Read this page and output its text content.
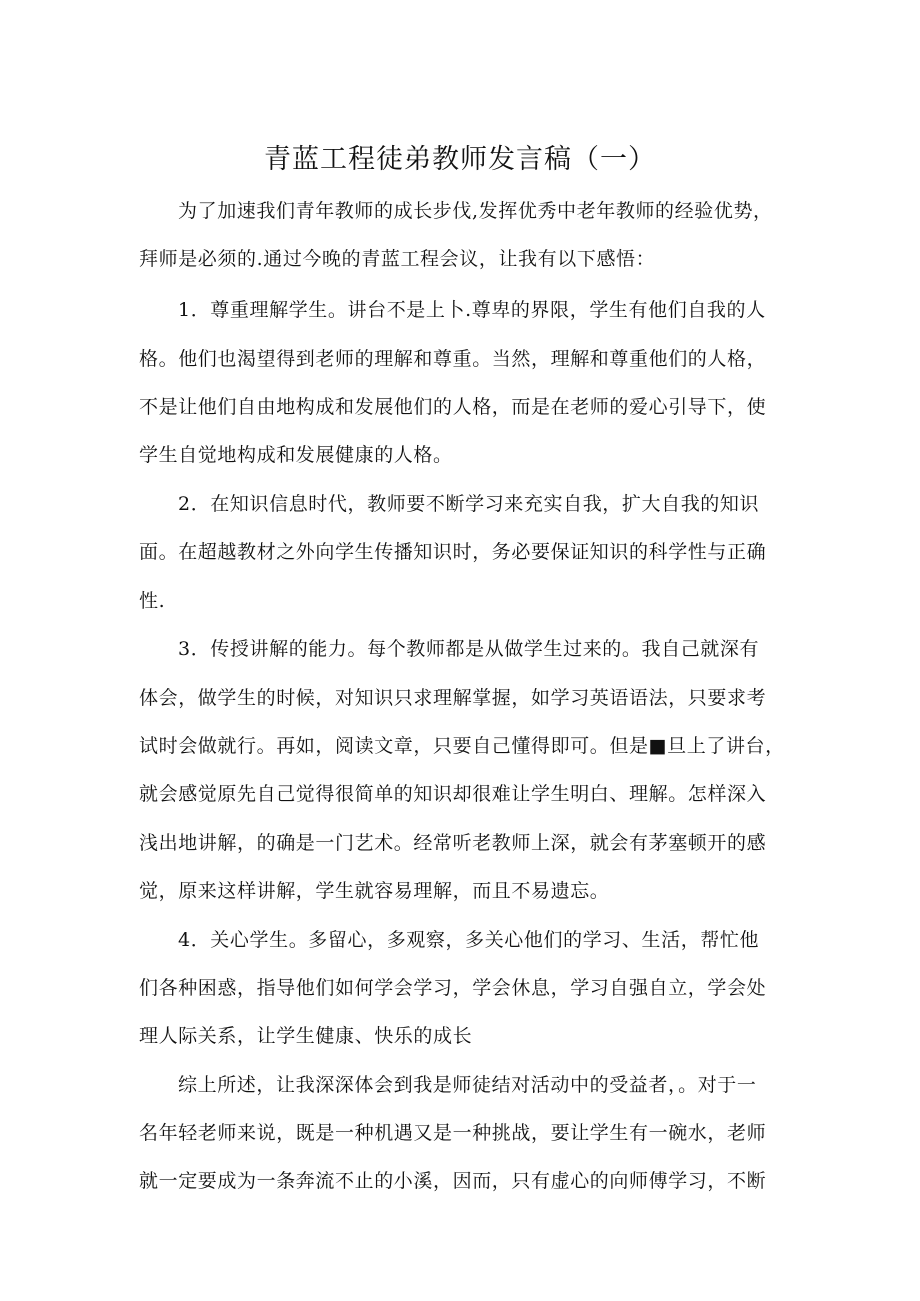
青蓝工程徒弟教师发言稿（一）
为了加速我们青年教师的成长步伐,发挥优秀中老年教师的经验优势，
拜师是必须的.通过今晚的青蓝工程会议，让我有以下感悟：
1．尊重理解学生。讲台不是上卜.尊卑的界限，学生有他们自我的人
格。他们也渴望得到老师的理解和尊重。当然，理解和尊重他们的人格，
不是让他们自由地构成和发展他们的人格，而是在老师的爱心引导下，使
学生自觉地构成和发展健康的人格。
2．在知识信息时代，教师要不断学习来充实自我，扩大自我的知识
面。在超越教材之外向学生传播知识时，务必要保证知识的科学性与正确
性.
3．传授讲解的能力。每个教师都是从做学生过来的。我自己就深有
体会，做学生的时候，对知识只求理解掌握，如学习英语语法，只要求考
试时会做就行。再如，阅读文章，只要自己懂得即可。但是■旦上了讲台，
就会感觉原先自己觉得很简单的知识却很难让学生明白、理解。怎样深入
浅出地讲解，的确是一门艺术。经常听老教师上深，就会有茅塞顿开的感
觉，原来这样讲解，学生就容易理解，而且不易遗忘。
4．关心学生。多留心，多观察，多关心他们的学习、生活，帮忙他
们各种困惑，指导他们如何学会学习，学会休息，学习自强自立，学会处
理人际关系，让学生健康、快乐的成长
综上所述，让我深深体会到我是师徒结对活动中的受益者，。对于一
名年轻老师来说，既是一种机遇又是一种挑战，要让学生有一碗水，老师
就一定要成为一条奔流不止的小溪，因而，只有虚心的向师傅学习，不断
